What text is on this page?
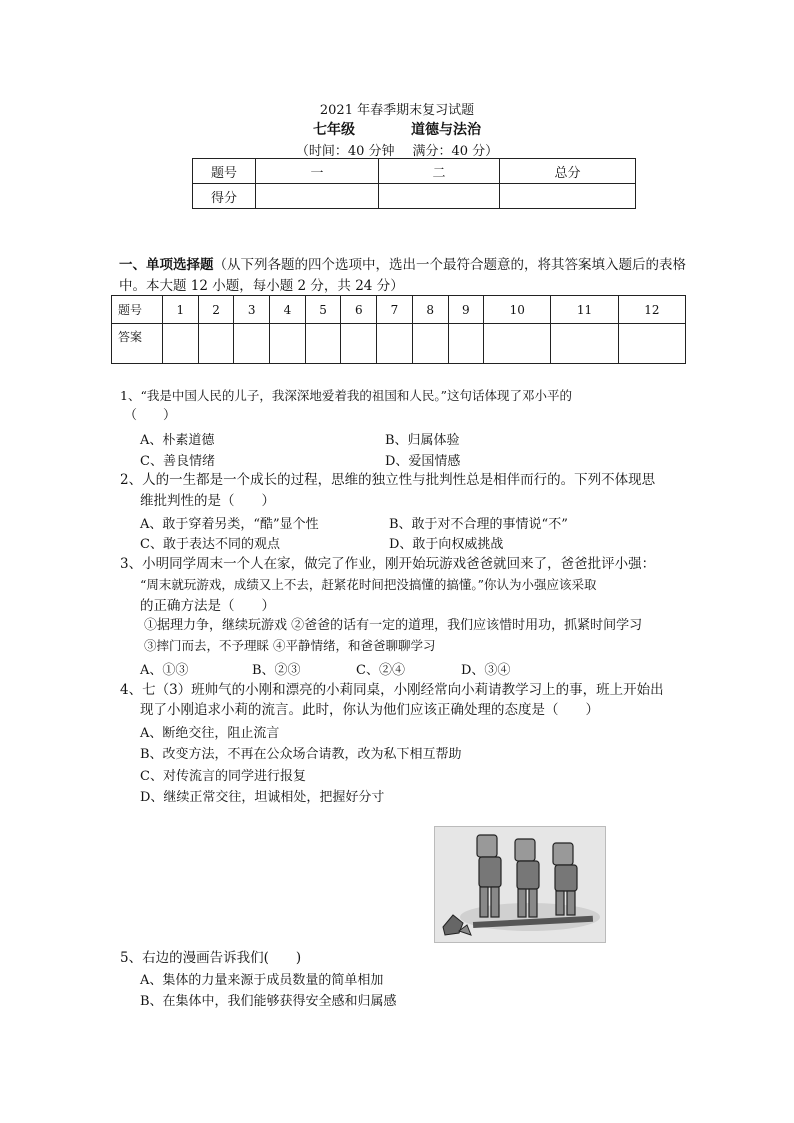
2021 年春季期末复习试题
七年级	道德与法治
（时间：40 分钟 满分：40 分）
题号	一	二	总分
得分			
一、单项选择题（从下列各题的四个选项中，选出一个最符合题意的，将其答案填入题后的表格中。本大题 12 小题，每小题 2 分，共 24 分）
题号	1	2	3	4	5	6	7	8	9	10	11	12
答案												
1、“我是中国人民的儿子，我深深地爱着我的祖国和人民。”这句话体现了邓小平的
（　　）
A、朴素道德	B、归属体验
C、善良情绪	D、爱国情感
2、人的一生都是一个成长的过程，思维的独立性与批判性总是相伴而行的。下列不体现思
维批判性的是（　　）
A、敢于穿着另类，“酷”显个性	B、敢于对不合理的事情说“不”
C、敢于表达不同的观点	D、敢于向权威挑战
3、小明同学周末一个人在家，做完了作业，刚开始玩游戏爸爸就回来了，爸爸批评小强：
“周末就玩游戏，成绩又上不去，赶紧花时间把没搞懂的搞懂。”你认为小强应该采取
的正确方法是（　　）
①据理力争，继续玩游戏 ②爸爸的话有一定的道理，我们应该惜时用功，抓紧时间学习
③摔门而去，不予理睬 ④平静情绪，和爸爸聊聊学习
A、①③	B、②③	C、②④	D、③④
4、七（3）班帅气的小刚和漂亮的小莉同桌，小刚经常向小莉请教学习上的事，班上开始出
现了小刚追求小莉的流言。此时，你认为他们应该正确处理的态度是（　　）
A、断绝交往，阻止流言
B、改变方法，不再在公众场合请教，改为私下相互帮助
C、对传流言的同学进行报复
D、继续正常交往，坦诚相处，把握好分寸
5、右边的漫画告诉我们(　　)
A、集体的力量来源于成员数量的简单相加
B、在集体中，我们能够获得安全感和归属感
